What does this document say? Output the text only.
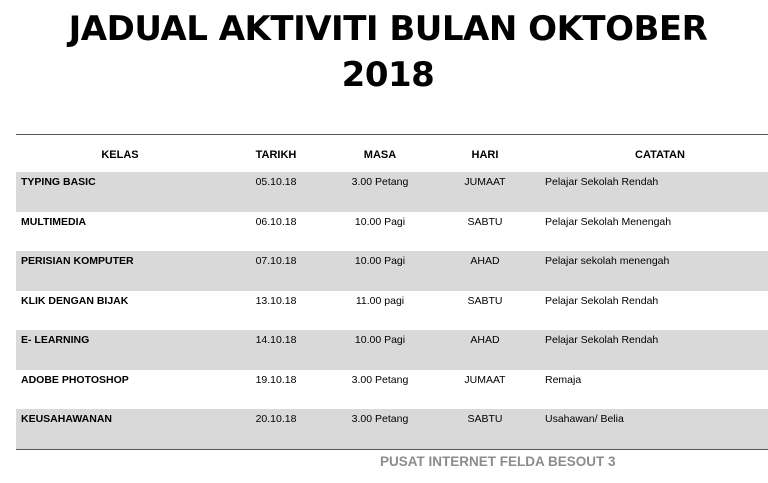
JADUAL AKTIVITI BULAN OKTOBER
2018
KELAS	TARIKH	MASA	HARI	CATATAN
TYPING BASIC	05.10.18	3.00 Petang	JUMAAT	Pelajar Sekolah Rendah
MULTIMEDIA	06.10.18	10.00 Pagi	SABTU	Pelajar Sekolah Menengah
PERISIAN KOMPUTER	07.10.18	10.00 Pagi	AHAD	Pelajar sekolah menengah
KLIK DENGAN BIJAK	13.10.18	11.00 pagi	SABTU	Pelajar Sekolah Rendah
E- LEARNING	14.10.18	10.00 Pagi	AHAD	Pelajar Sekolah Rendah
ADOBE PHOTOSHOP	19.10.18	3.00 Petang	JUMAAT	Remaja
KEUSAHAWANAN	20.10.18	3.00 Petang	SABTU	Usahawan/ Belia
PUSAT INTERNET FELDA BESOUT 3
